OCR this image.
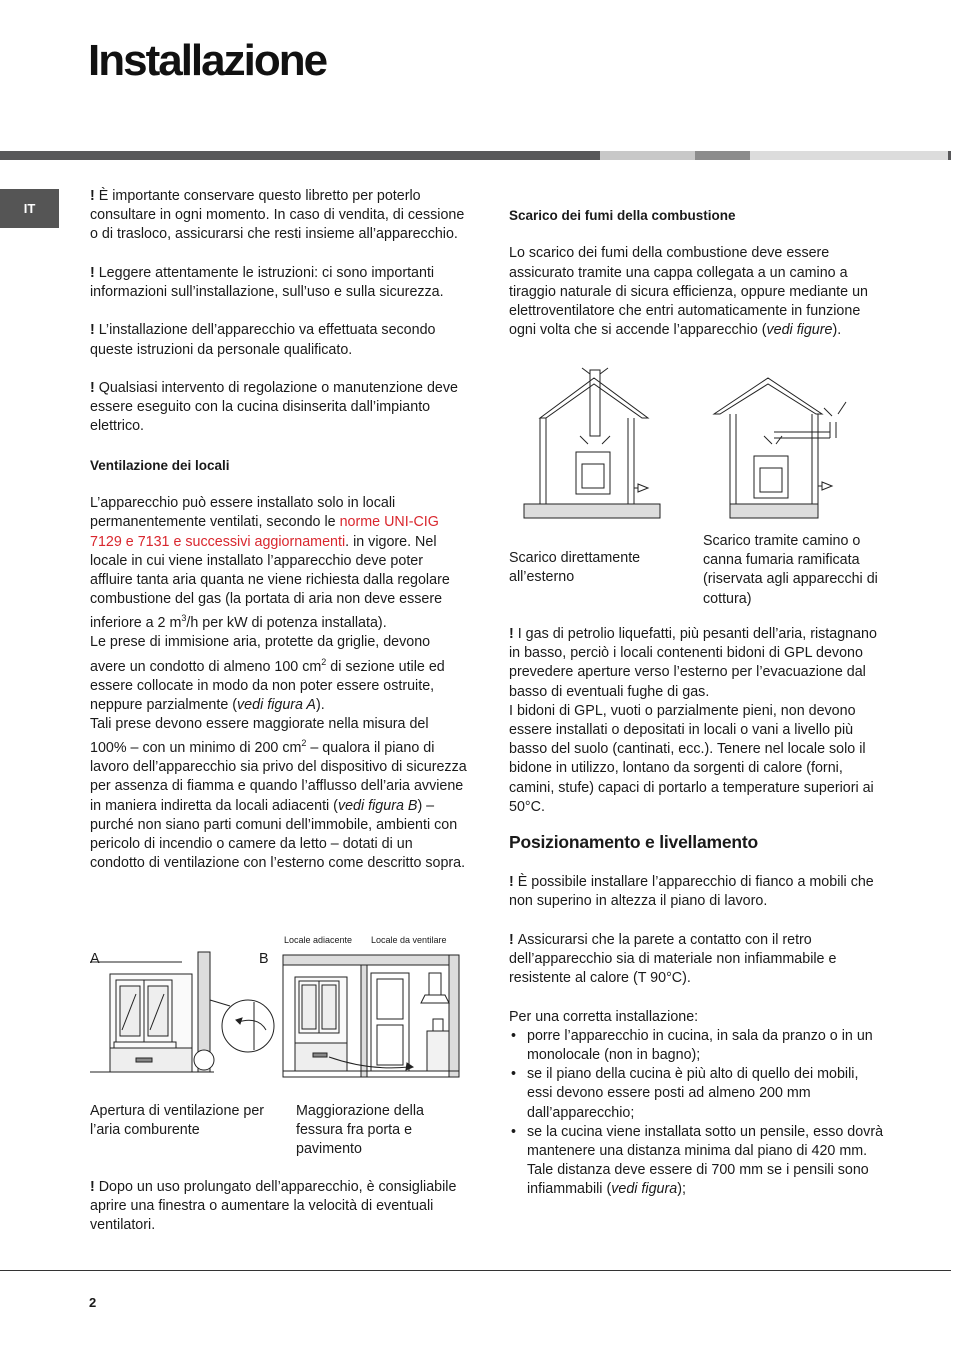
Installazione
IT

! È importante conservare questo libretto per poterlo consultare in ogni momento. In caso di vendita, di cessione o di trasloco, assicurarsi che resti insieme all’apparecchio.

! Leggere attentamente le istruzioni: ci sono importanti informazioni sull’installazione, sull’uso e sulla sicurezza.

! L’installazione dell’apparecchio va effettuata secondo queste istruzioni da personale qualificato.

! Qualsiasi intervento di regolazione o manutenzione deve essere eseguito con la cucina disinserita dall’impianto elettrico.

Ventilazione dei locali

L’apparecchio può essere installato solo in locali permanentemente ventilati, secondo le norme UNI-CIG 7129 e 7131 e successivi aggiornamenti. in vigore. Nel locale in cui viene installato l’apparecchio deve poter affluire tanta aria quanta ne viene richiesta dalla regolare combustione del gas (la portata di aria non deve essere inferiore a 2 $m^3/h$ per kW di potenza installata).

Le prese di immisione aria, protette da griglie, devono avere un condotto di almeno 100 $cm^2$ di sezione utile ed essere collocate in modo da non poter essere ostruite, neppure parzialmente (vedi figura A).

Tali prese devono essere maggiorate nella misura del 100% – con un minimo di 200 $cm^2$ – qualora il piano di lavoro dell’apparecchio sia privo del dispositivo di sicurezza per assenza di fiamma e quando l’afflusso dell’aria avviene in maniera indiretta da locali adiacenti (vedi figura B) – purché non siano parti comuni dell’immobile, ambienti con pericolo di incendio o camere da letto – dotati di un condotto di ventilazione con l’esterno come descritto sopra.

A	B
Locale adiacente Locale da ventilare
Apertura di ventilazione per l’aria comburente
Maggiorazione della fessura fra porta e pavimento

! Dopo un uso prolungato dell’apparecchio, è consigliabile aprire una finestra o aumentare la velocità di eventuali ventilatori.

Scarico dei fumi della combustione

Lo scarico dei fumi della combustione deve essere assicurato tramite una cappa collegata a un camino a tiraggio naturale di sicura efficienza, oppure mediante un elettroventilatore che entri automaticamente in funzione ogni volta che si accende l’apparecchio (vedi figure).

Scarico direttamente all’esterno
Scarico tramite camino o canna fumaria ramificata (riservata agli apparecchi di cottura)

! I gas di petrolio liquefatti, più pesanti dell’aria, ristagnano in basso, perciò i locali contenenti bidoni di GPL devono prevedere aperture verso l’esterno per l’evacuazione dal basso di eventuali fughe di gas.

I bidoni di GPL, vuoti o parzialmente pieni, non devono essere installati o depositati in locali o vani a livello più basso del suolo (cantinati, ecc.). Tenere nel locale solo il bidone in utilizzo, lontano da sorgenti di calore (forni, camini, stufe) capaci di portarlo a temperature superiori ai 50°C.

Posizionamento e livellamento

! È possibile installare l’apparecchio di fianco a mobili che non superino in altezza il piano di lavoro.

! Assicurarsi che la parete a contatto con il retro dell’apparecchio sia di materiale non infiammabile e resistente al calore (T 90°C).

Per una corretta installazione:

• porre l’apparecchio in cucina, in sala da pranzo o in un monolocale (non in bagno);

• se il piano della cucina è più alto di quello dei mobili, essi devono essere posti ad almeno 200 mm dall’apparecchio;

• se la cucina viene installata sotto un pensile, esso dovrà mantenere una distanza minima dal piano di 420 mm.

Tale distanza deve essere di 700 mm se i pensili sono infiammabili (vedi figura);

2
